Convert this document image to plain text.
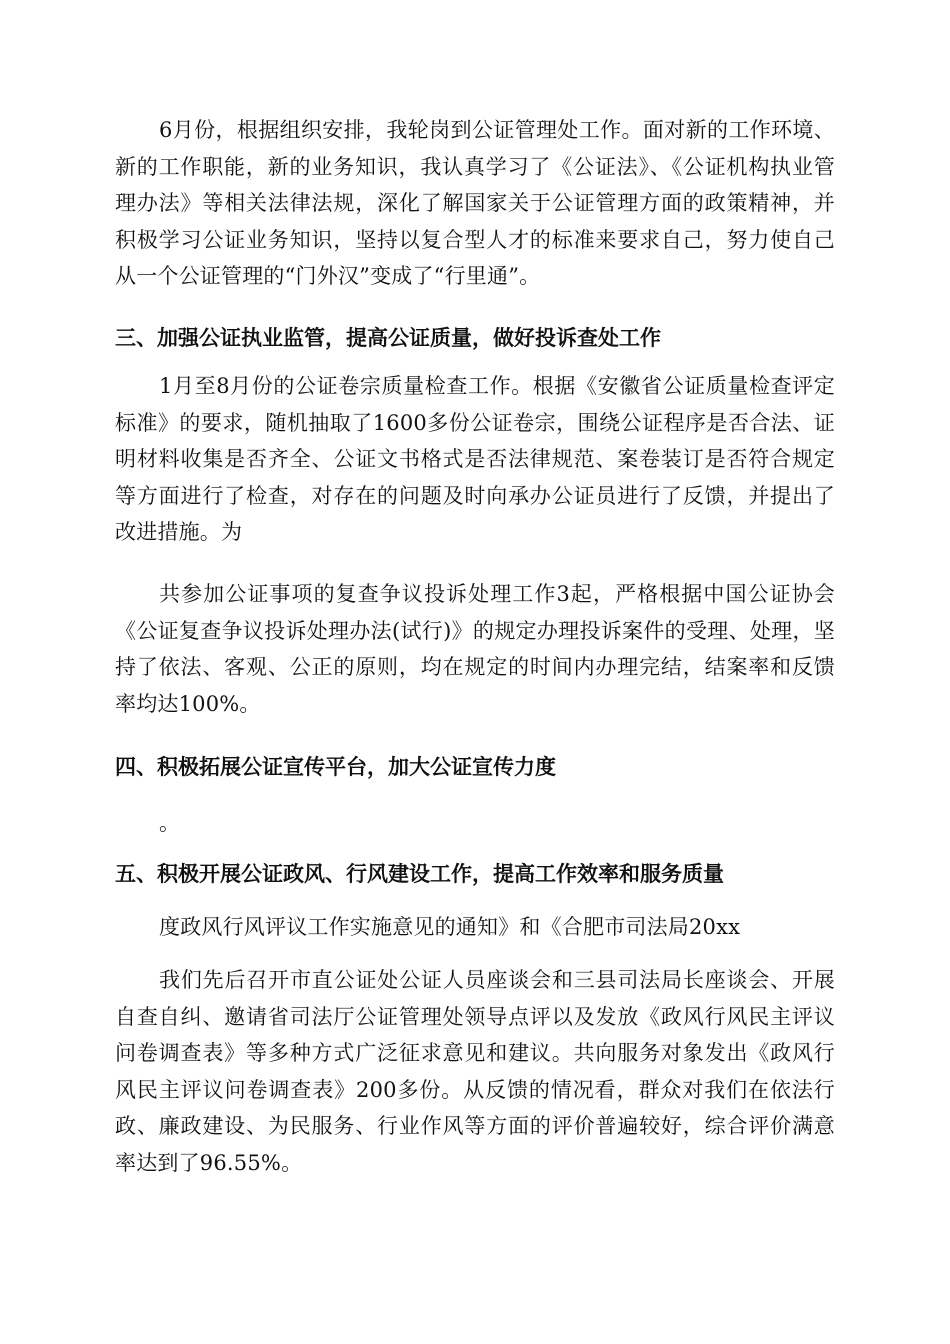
6月份，根据组织安排，我轮岗到公证管理处工作。面对新的工作环境、新的工作职能，新的业务知识，我认真学习了《公证法》、《公证机构执业管理办法》等相关法律法规，深化了解国家关于公证管理方面的政策精神，并积极学习公证业务知识，坚持以复合型人才的标准来要求自己，努力使自己从一个公证管理的“门外汉”变成了“行里通”。

三、加强公证执业监管，提高公证质量，做好投诉查处工作

1月至8月份的公证卷宗质量检查工作。根据《安徽省公证质量检查评定标准》的要求，随机抽取了1600多份公证卷宗，围绕公证程序是否合法、证明材料收集是否齐全、公证文书格式是否法律规范、案卷装订是否符合规定等方面进行了检查，对存在的问题及时向承办公证员进行了反馈，并提出了改进措施。为

共参加公证事项的复查争议投诉处理工作3起，严格根据中国公证协会《公证复查争议投诉处理办法(试行)》的规定办理投诉案件的受理、处理，坚持了依法、客观、公正的原则，均在规定的时间内办理完结，结案率和反馈率均达100%。

四、积极拓展公证宣传平台，加大公证宣传力度

。

五、积极开展公证政风、行风建设工作，提高工作效率和服务质量

度政风行风评议工作实施意见的通知》和《合肥市司法局20xx

我们先后召开市直公证处公证人员座谈会和三县司法局长座谈会、开展自查自纠、邀请省司法厅公证管理处领导点评以及发放《政风行风民主评议问卷调查表》等多种方式广泛征求意见和建议。共向服务对象发出《政风行风民主评议问卷调查表》200多份。从反馈的情况看，群众对我们在依法行政、廉政建设、为民服务、行业作风等方面的评价普遍较好，综合评价满意率达到了96.55%。
